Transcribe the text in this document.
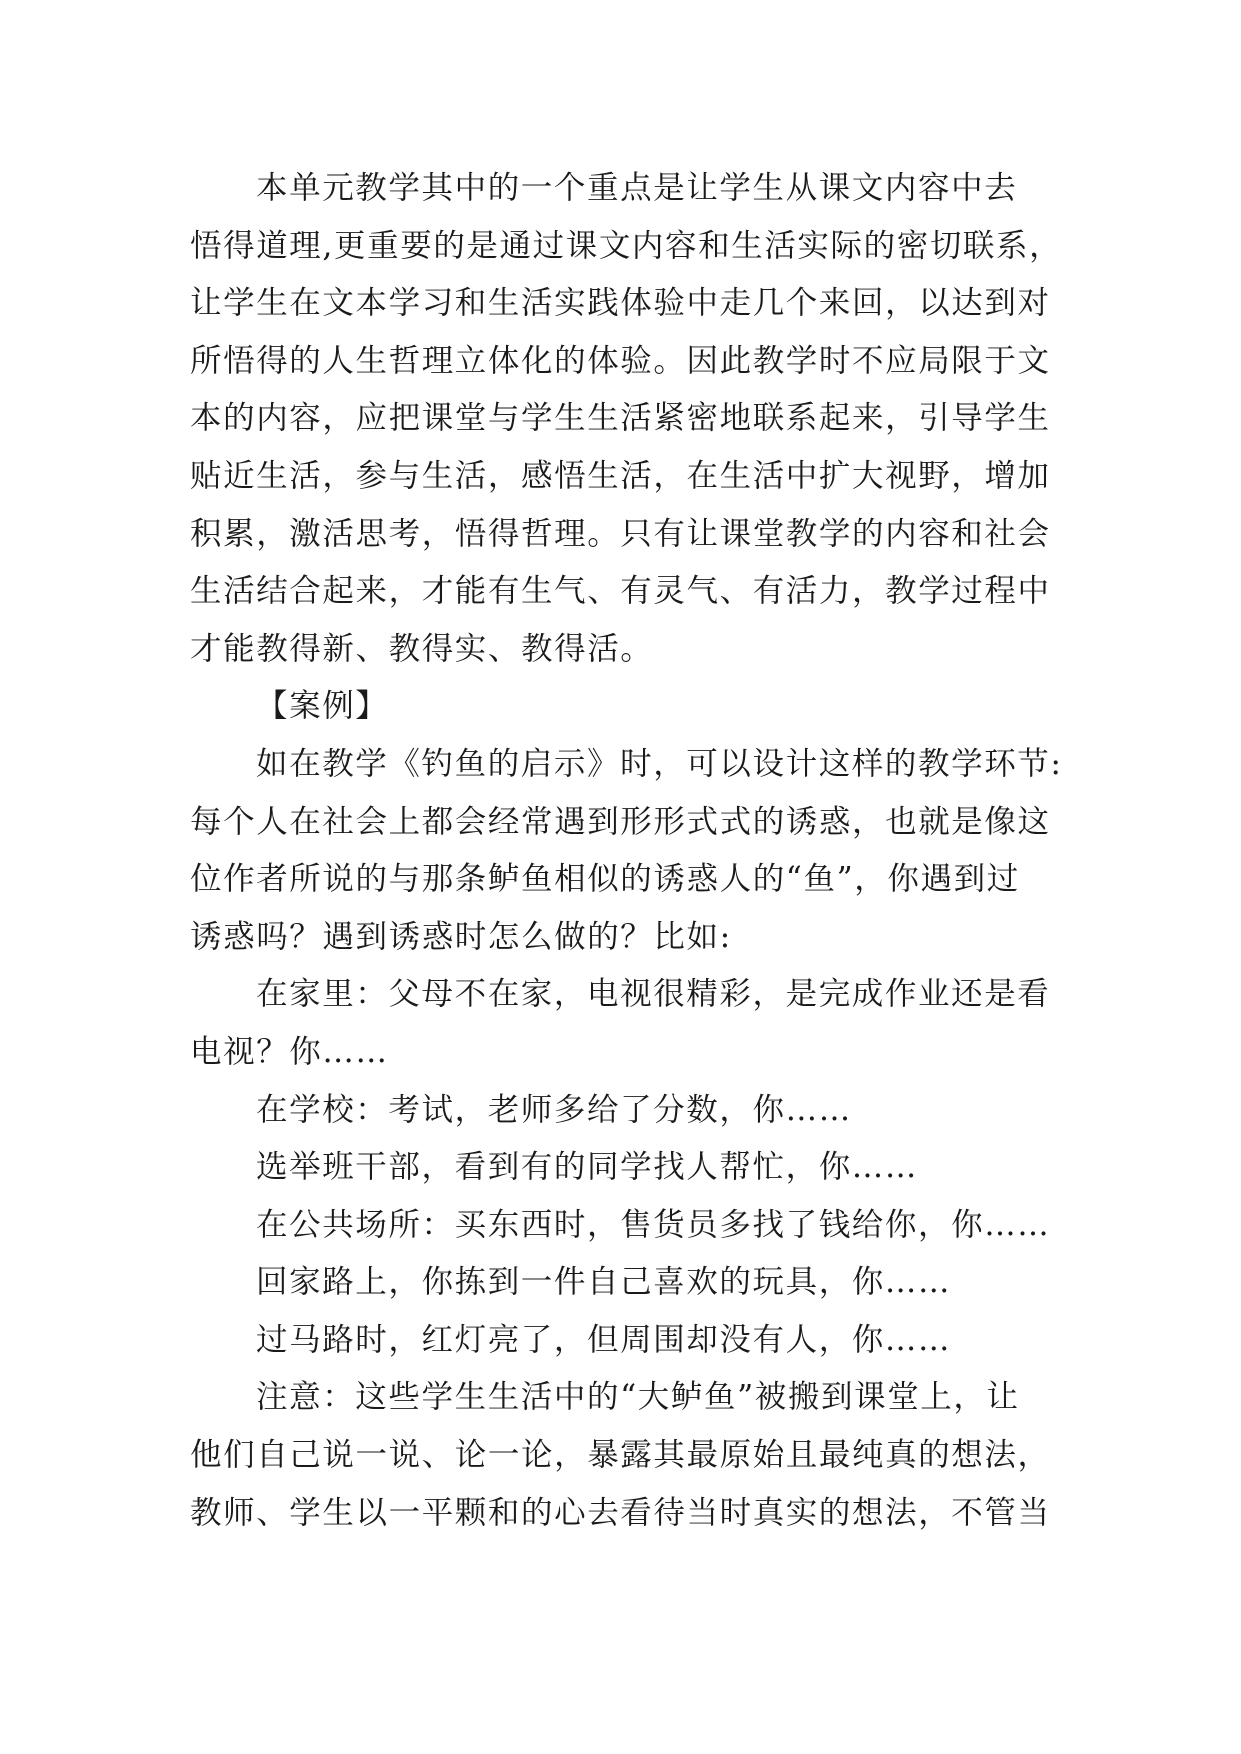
本单元教学其中的一个重点是让学生从课文内容中去
悟得道理,更重要的是通过课文内容和生活实际的密切联系，
让学生在文本学习和生活实践体验中走几个来回，以达到对
所悟得的人生哲理立体化的体验。因此教学时不应局限于文
本的内容，应把课堂与学生生活紧密地联系起来，引导学生
贴近生活，参与生活，感悟生活，在生活中扩大视野，增加
积累，激活思考，悟得哲理。只有让课堂教学的内容和社会
生活结合起来，才能有生气、有灵气、有活力，教学过程中
才能教得新、教得实、教得活。
【案例】
如在教学《钓鱼的启示》时，可以设计这样的教学环节:
每个人在社会上都会经常遇到形形式式的诱惑，也就是像这
位作者所说的与那条鲈鱼相似的诱惑人的“鱼”，你遇到过
诱惑吗？遇到诱惑时怎么做的？比如:
在家里：父母不在家，电视很精彩，是完成作业还是看
电视？你……
在学校：考试，老师多给了分数，你……
选举班干部，看到有的同学找人帮忙，你……
在公共场所：买东西时，售货员多找了钱给你，你……
回家路上，你拣到一件自己喜欢的玩具，你……
过马路时，红灯亮了，但周围却没有人，你……
注意：这些学生生活中的“大鲈鱼”被搬到课堂上，让
他们自己说一说、论一论，暴露其最原始且最纯真的想法，
教师、学生以一平颗和的心去看待当时真实的想法，不管当
